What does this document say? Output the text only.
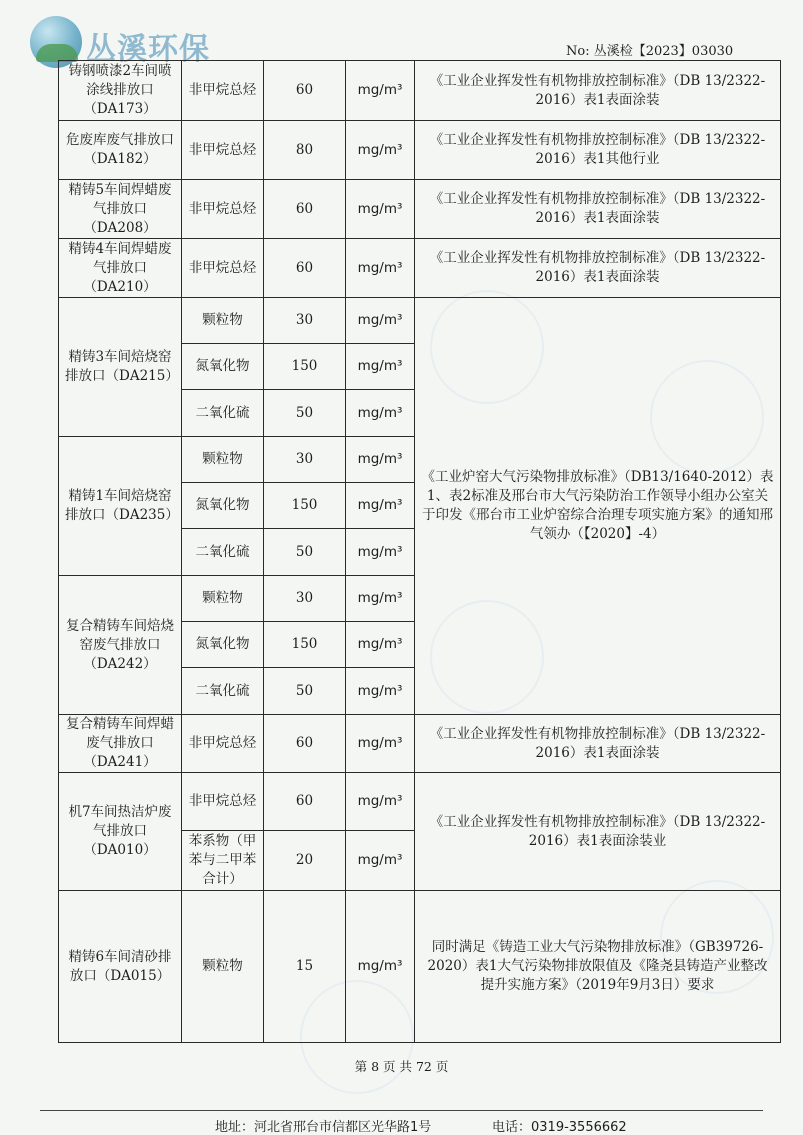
丛溪环保	No: 丛溪检【2023】03030
铸钢喷漆2车间喷涂线排放口（DA173）	非甲烷总烃	60	mg/m³	《工业企业挥发性有机物排放控制标准》（DB 13/2322-2016）表1表面涂装
危废库废气排放口（DA182）	非甲烷总烃	80	mg/m³	《工业企业挥发性有机物排放控制标准》（DB 13/2322-2016）表1其他行业
精铸5车间焊蜡废气排放口（DA208）	非甲烷总烃	60	mg/m³	《工业企业挥发性有机物排放控制标准》（DB 13/2322-2016）表1表面涂装
精铸4车间焊蜡废气排放口（DA210）	非甲烷总烃	60	mg/m³	《工业企业挥发性有机物排放控制标准》（DB 13/2322-2016）表1表面涂装
精铸3车间焙烧窑排放口（DA215）	颗粒物	30	mg/m³	《工业炉窑大气污染物排放标准》（DB13/1640-2012）表1、表2标准及邢台市大气污染防治工作领导小组办公室关于印发《邢台市工业炉窑综合治理专项实施方案》的通知邢气领办（【2020】-4）
	氮氧化物	150	mg/m³	
	二氧化硫	50	mg/m³	
精铸1车间焙烧窑排放口（DA235）	颗粒物	30	mg/m³	
	氮氧化物	150	mg/m³	
	二氧化硫	50	mg/m³	
复合精铸车间焙烧窑废气排放口（DA242）	颗粒物	30	mg/m³	
	氮氧化物	150	mg/m³	
	二氧化硫	50	mg/m³	
复合精铸车间焊蜡废气排放口（DA241）	非甲烷总烃	60	mg/m³	《工业企业挥发性有机物排放控制标准》（DB 13/2322-2016）表1表面涂装
机7车间热洁炉废气排放口（DA010）	非甲烷总烃	60	mg/m³	《工业企业挥发性有机物排放控制标准》（DB 13/2322-2016）表1表面涂装业
	苯系物（甲苯与二甲苯合计）	20	mg/m³	
精铸6车间清砂排放口（DA015）	颗粒物	15	mg/m³	同时满足《铸造工业大气污染物排放标准》（GB39726-2020）表1大气污染物排放限值及《隆尧县铸造产业整改提升实施方案》（2019年9月3日）要求
第 8 页 共 72 页
地址：河北省邢台市信都区光华路1号	电话：0319-3556662
